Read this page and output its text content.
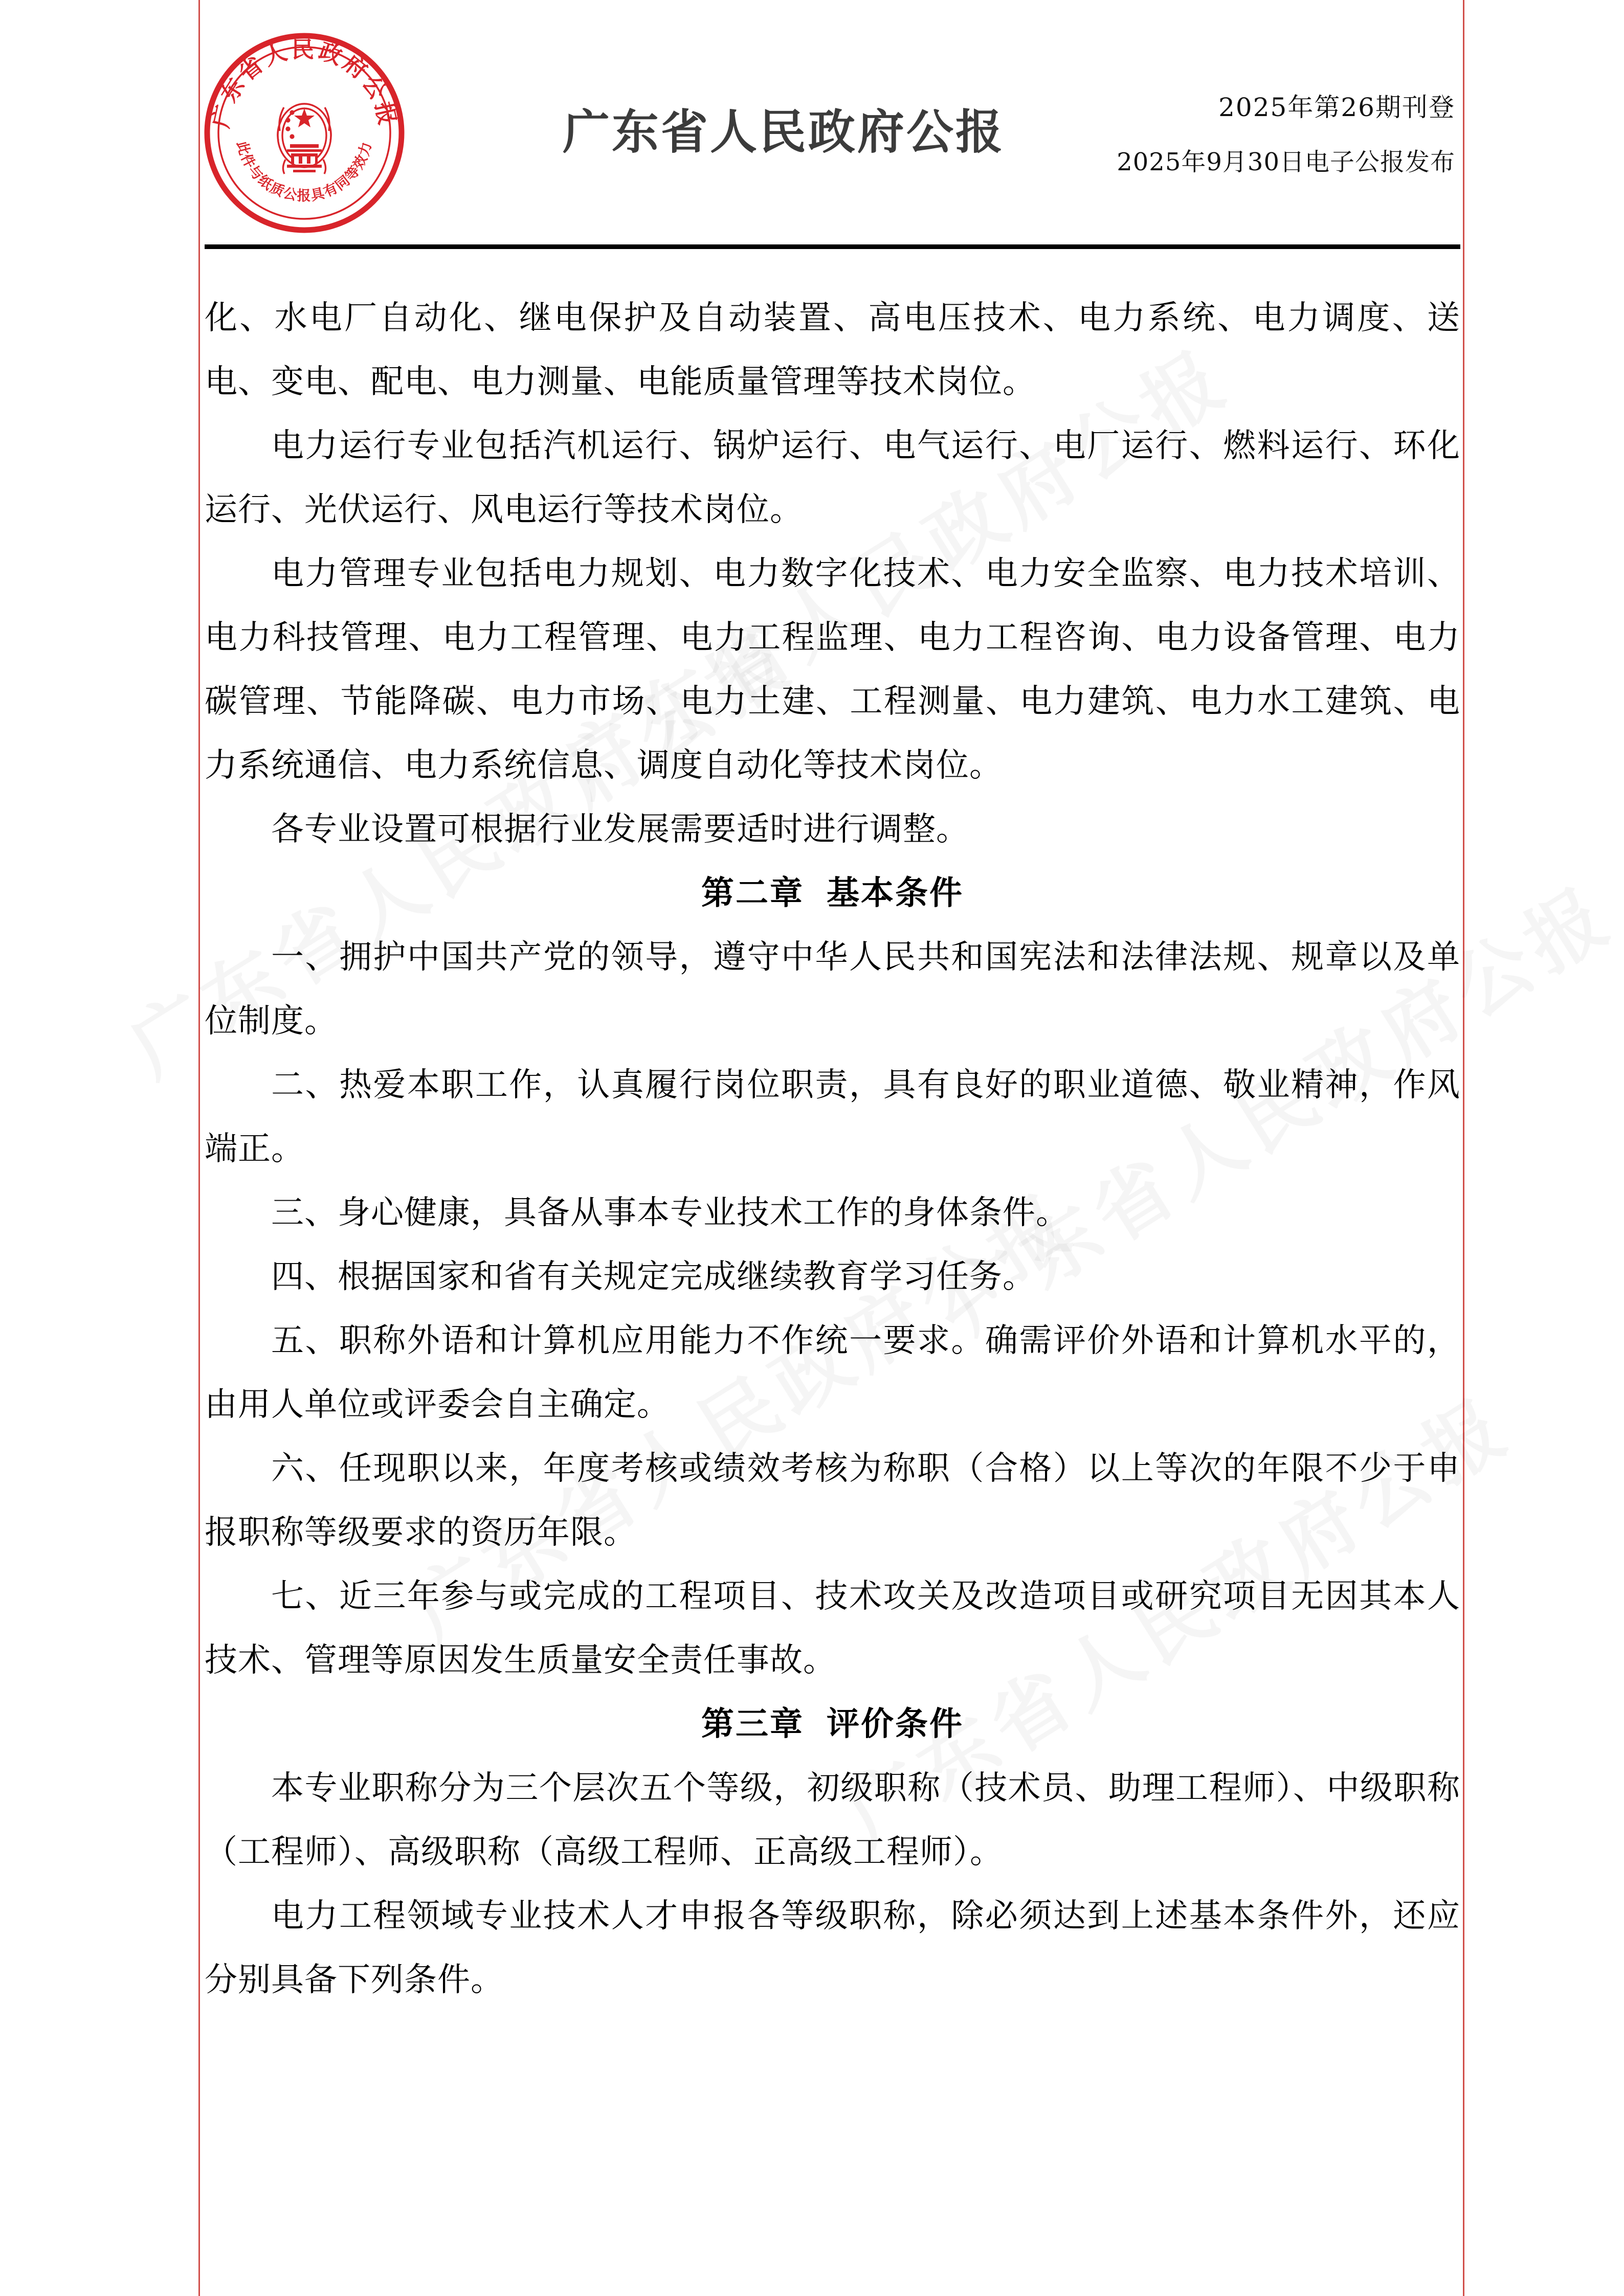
广东省人民政府公报
此件与纸质公报具有同等效力	广东省人民政府公报	2025年第26期刊登
2025年9月30日电子公报发布

化、水电厂自动化、继电保护及自动装置、高电压技术、电力系统、电力调度、送电、变电、配电、电力测量、电能质量管理等技术岗位。

电力运行专业包括汽机运行、锅炉运行、电气运行、电厂运行、燃料运行、环化运行、光伏运行、风电运行等技术岗位。

电力管理专业包括电力规划、电力数字化技术、电力安全监察、电力技术培训、电力科技管理、电力工程管理、电力工程监理、电力工程咨询、电力设备管理、电力碳管理、节能降碳、电力市场、电力土建、工程测量、电力建筑、电力水工建筑、电力系统通信、电力系统信息、调度自动化等技术岗位。

各专业设置可根据行业发展需要适时进行调整。

第二章 基本条件

一、拥护中国共产党的领导，遵守中华人民共和国宪法和法律法规、规章以及单位制度。

二、热爱本职工作，认真履行岗位职责，具有良好的职业道德、敬业精神，作风端正。

三、身心健康，具备从事本专业技术工作的身体条件。

四、根据国家和省有关规定完成继续教育学习任务。

五、职称外语和计算机应用能力不作统一要求。确需评价外语和计算机水平的，由用人单位或评委会自主确定。

六、任现职以来，年度考核或绩效考核为称职（合格）以上等次的年限不少于申报职称等级要求的资历年限。

七、近三年参与或完成的工程项目、技术攻关及改造项目或研究项目无因其本人技术、管理等原因发生质量安全责任事故。

第三章 评价条件

本专业职称分为三个层次五个等级，初级职称（技术员、助理工程师）、中级职称（工程师）、高级职称（高级工程师、正高级工程师）。

电力工程领域专业技术人才申报各等级职称，除必须达到上述基本条件外，还应分别具备下列条件。
